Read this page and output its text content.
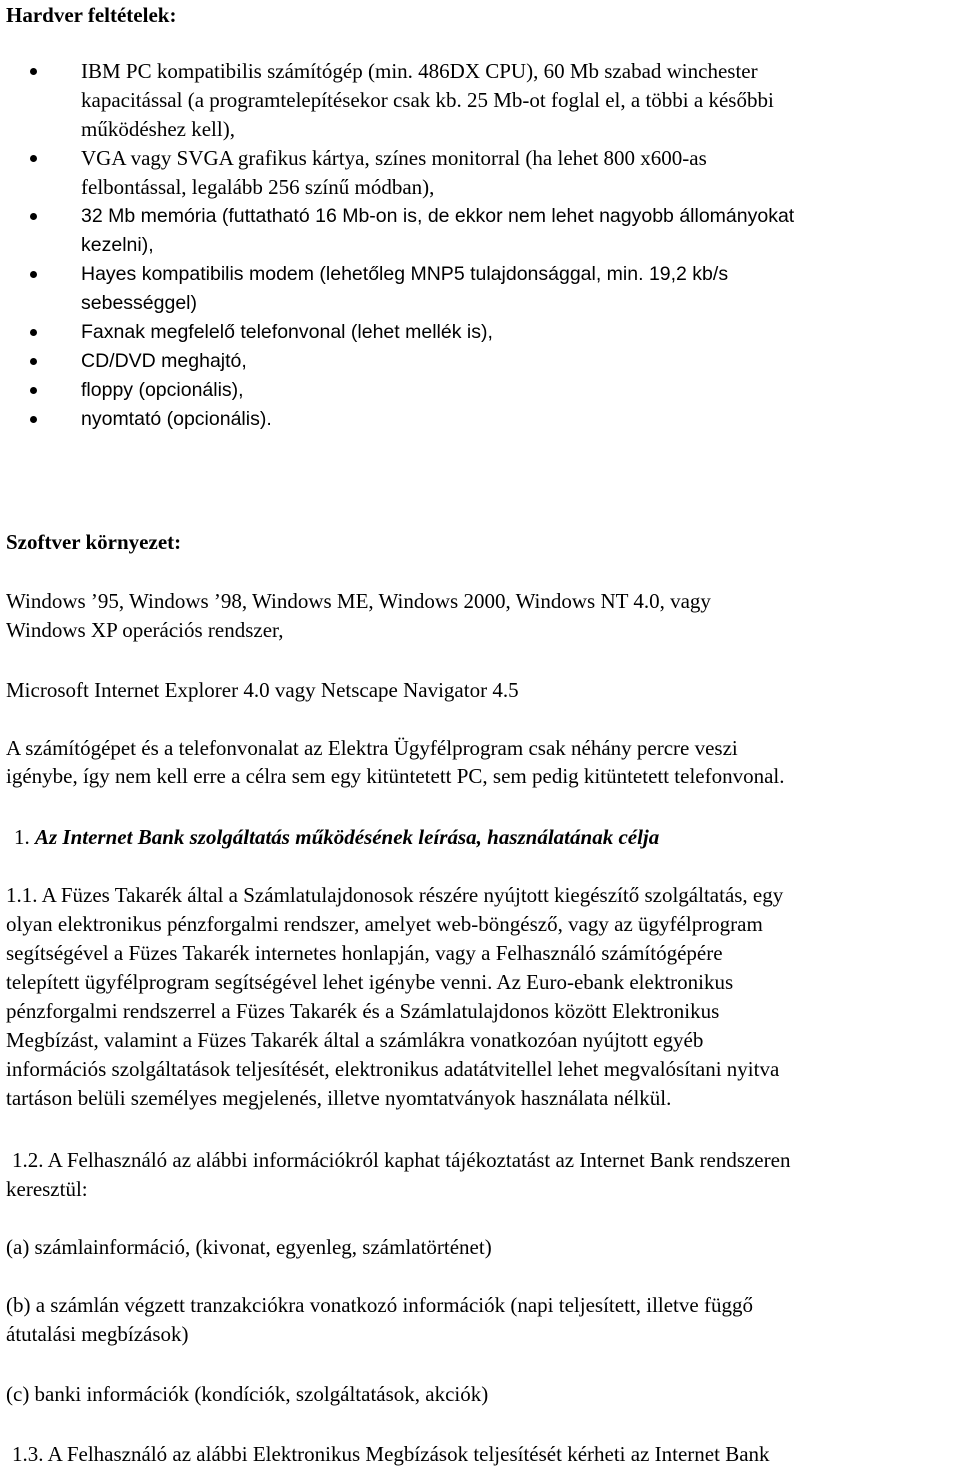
Hardver feltételek:
IBM PC kompatibilis számítógép (min. 486DX CPU), 60 Mb szabad winchester
kapacitással (a programtelepítésekor csak kb. 25 Mb-ot foglal el, a többi a későbbi
működéshez kell),
VGA vagy SVGA grafikus kártya, színes monitorral (ha lehet 800 x600-as
felbontással, legalább 256 színű módban),
32 Mb memória (futtatható 16 Mb-on is, de ekkor nem lehet nagyobb állományokat
kezelni),
Hayes kompatibilis modem (lehetőleg MNP5 tulajdonsággal, min. 19,2 kb/s
sebességgel)
Faxnak megfelelő telefonvonal (lehet mellék is),
CD/DVD meghajtó,
floppy (opcionális),
nyomtató (opcionális).
Szoftver környezet:
Windows ’95, Windows ’98, Windows ME, Windows 2000, Windows NT 4.0, vagy
Windows XP operációs rendszer,
Microsoft Internet Explorer 4.0 vagy Netscape Navigator 4.5
A számítógépet és a telefonvonalat az Elektra Ügyfélprogram csak néhány percre veszi
igénybe, így nem kell erre a célra sem egy kitüntetett PC, sem pedig kitüntetett telefonvonal.
1. Az Internet Bank szolgáltatás működésének leírása, használatának célja
1.1. A Füzes Takarék által a Számlatulajdonosok részére nyújtott kiegészítő szolgáltatás, egy
olyan elektronikus pénzforgalmi rendszer, amelyet web-böngésző, vagy az ügyfélprogram
segítségével a Füzes Takarék internetes honlapján, vagy a Felhasználó számítógépére
telepített ügyfélprogram segítségével lehet igénybe venni. Az Euro-ebank elektronikus
pénzforgalmi rendszerrel a Füzes Takarék és a Számlatulajdonos között Elektronikus
Megbízást, valamint a Füzes Takarék által a számlákra vonatkozóan nyújtott egyéb
információs szolgáltatások teljesítését, elektronikus adatátvitellel lehet megvalósítani nyitva
tartáson belüli személyes megjelenés, illetve nyomtatványok használata nélkül.
1.2. A Felhasználó az alábbi információkról kaphat tájékoztatást az Internet Bank rendszeren
keresztül:
(a) számlainformáció, (kivonat, egyenleg, számlatörténet)
(b) a számlán végzett tranzakciókra vonatkozó információk (napi teljesített, illetve függő
átutalási megbízások)
(c) banki információk (kondíciók, szolgáltatások, akciók)
1.3. A Felhasználó az alábbi Elektronikus Megbízások teljesítését kérheti az Internet Bank
